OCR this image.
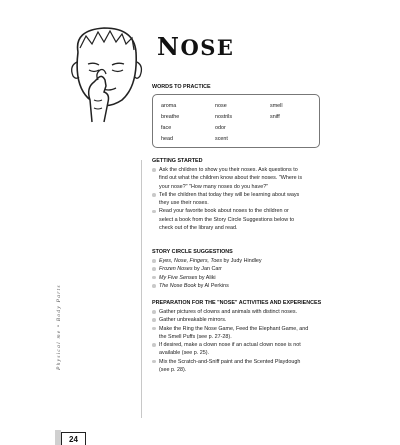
Physical me • Body Parts
NOSE
WORDS TO PRACTICE
aroma
breathe
face
head
nose
nostrils
odor
scent
smell
sniff
GETTING STARTED
Ask the children to show you their noses. Ask questions to
find out what the children know about their noses. "Where is
your nose?" "How many noses do you have?"
Tell the children that today they will be learning about ways
they use their noses.
Read your favorite book about noses to the children or
select a book from the Story Circle Suggestions below to
check out of the library and read.
STORY CIRCLE SUGGESTIONS
Eyes, Nose, Fingers, Toes by Judy Hindley
Frozen Noses by Jan Carr
My Five Senses by Aliki
The Nose Book by Al Perkins
PREPARATION FOR THE "NOSE" ACTIVITIES AND EXPERIENCES
Gather pictures of clowns and animals with distinct noses.
Gather unbreakable mirrors.
Make the Ring the Nose Game, Feed the Elephant Game, and
the Smell Puffs (see p. 27-28).
If desired, make a clown nose if an actual clown nose is not
available (see p. 25).
Mix the Scratch-and-Sniff paint and the Scented Playdough
(see p. 28).
24
